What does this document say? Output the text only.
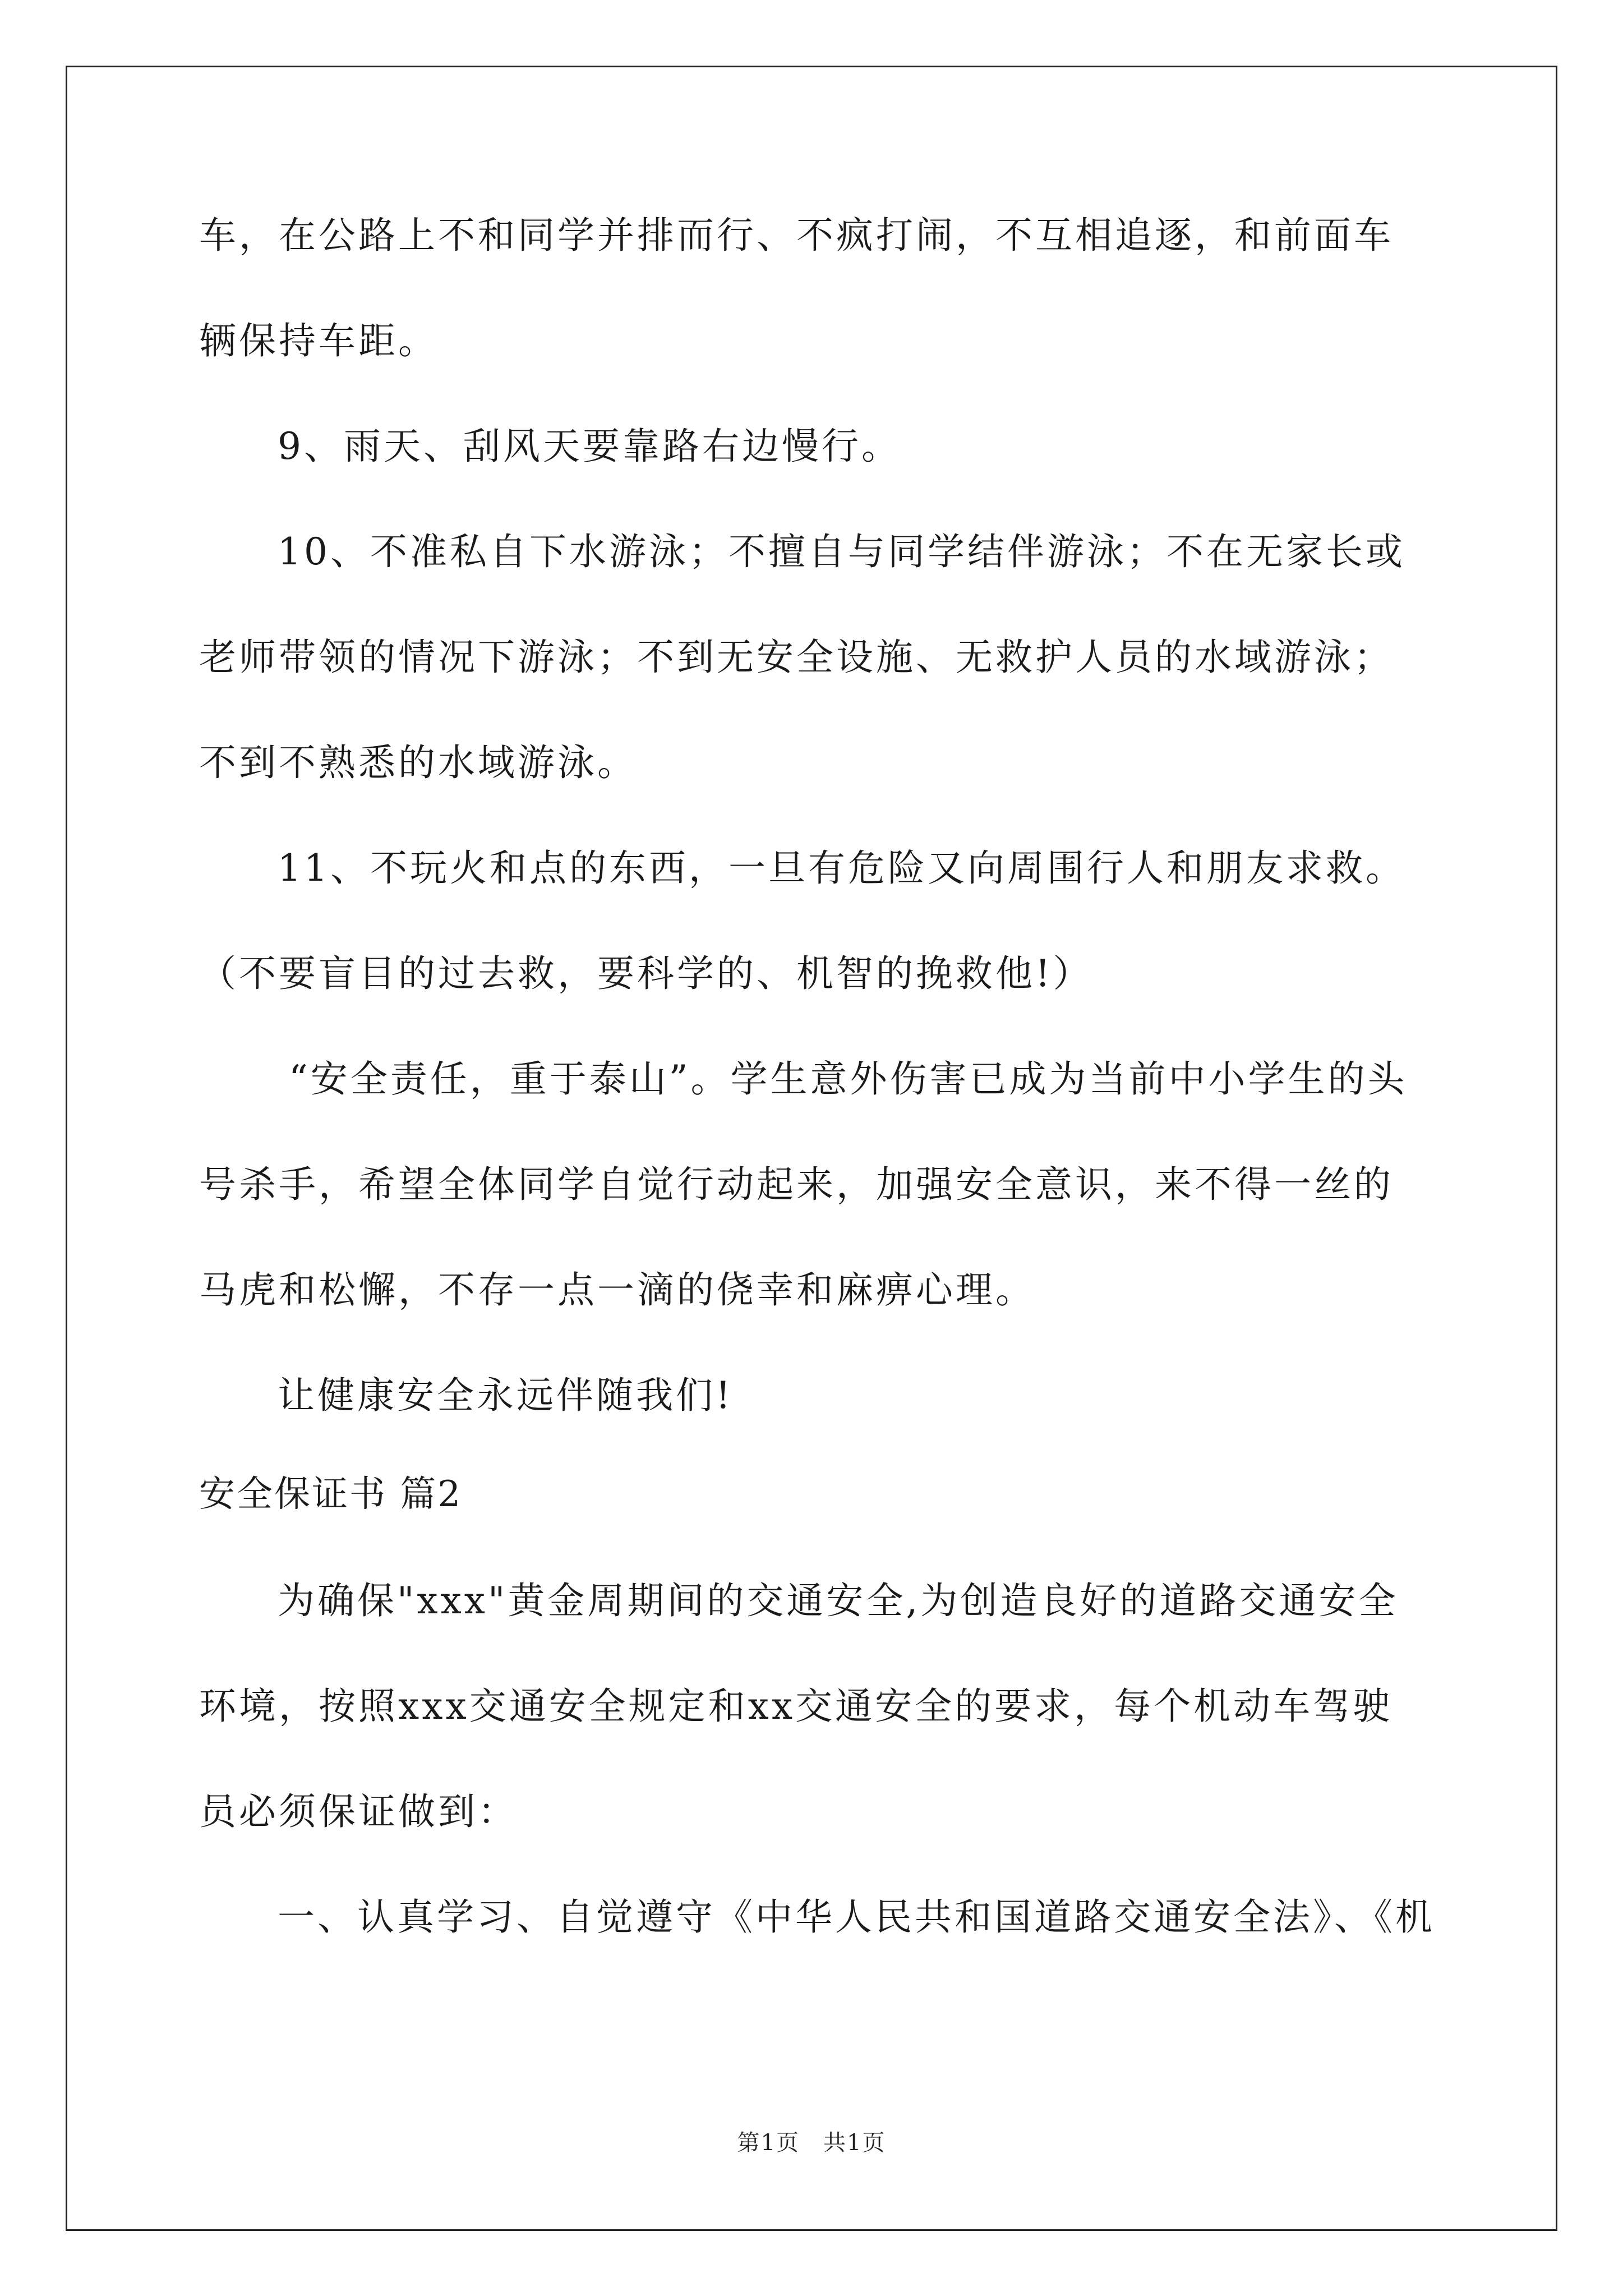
车，在公路上不和同学并排而行、不疯打闹，不互相追逐，和前面车
辆保持车距。
9、雨天、刮风天要靠路右边慢行。
10、不准私自下水游泳；不擅自与同学结伴游泳；不在无家长或
老师带领的情况下游泳；不到无安全设施、无救护人员的水域游泳；
不到不熟悉的水域游泳。
11、不玩火和点的东西，一旦有危险又向周围行人和朋友求救。
（不要盲目的过去救，要科学的、机智的挽救他!）
“安全责任，重于泰山”。学生意外伤害已成为当前中小学生的头
号杀手，希望全体同学自觉行动起来，加强安全意识，来不得一丝的
马虎和松懈，不存一点一滴的侥幸和麻痹心理。
让健康安全永远伴随我们!
安全保证书 篇2
为确保"xxx"黄金周期间的交通安全,为创造良好的道路交通安全
环境，按照xxx交通安全规定和xx交通安全的要求，每个机动车驾驶
员必须保证做到：
一、认真学习、自觉遵守《中华人民共和国道路交通安全法》、《机
第1页　共1页
